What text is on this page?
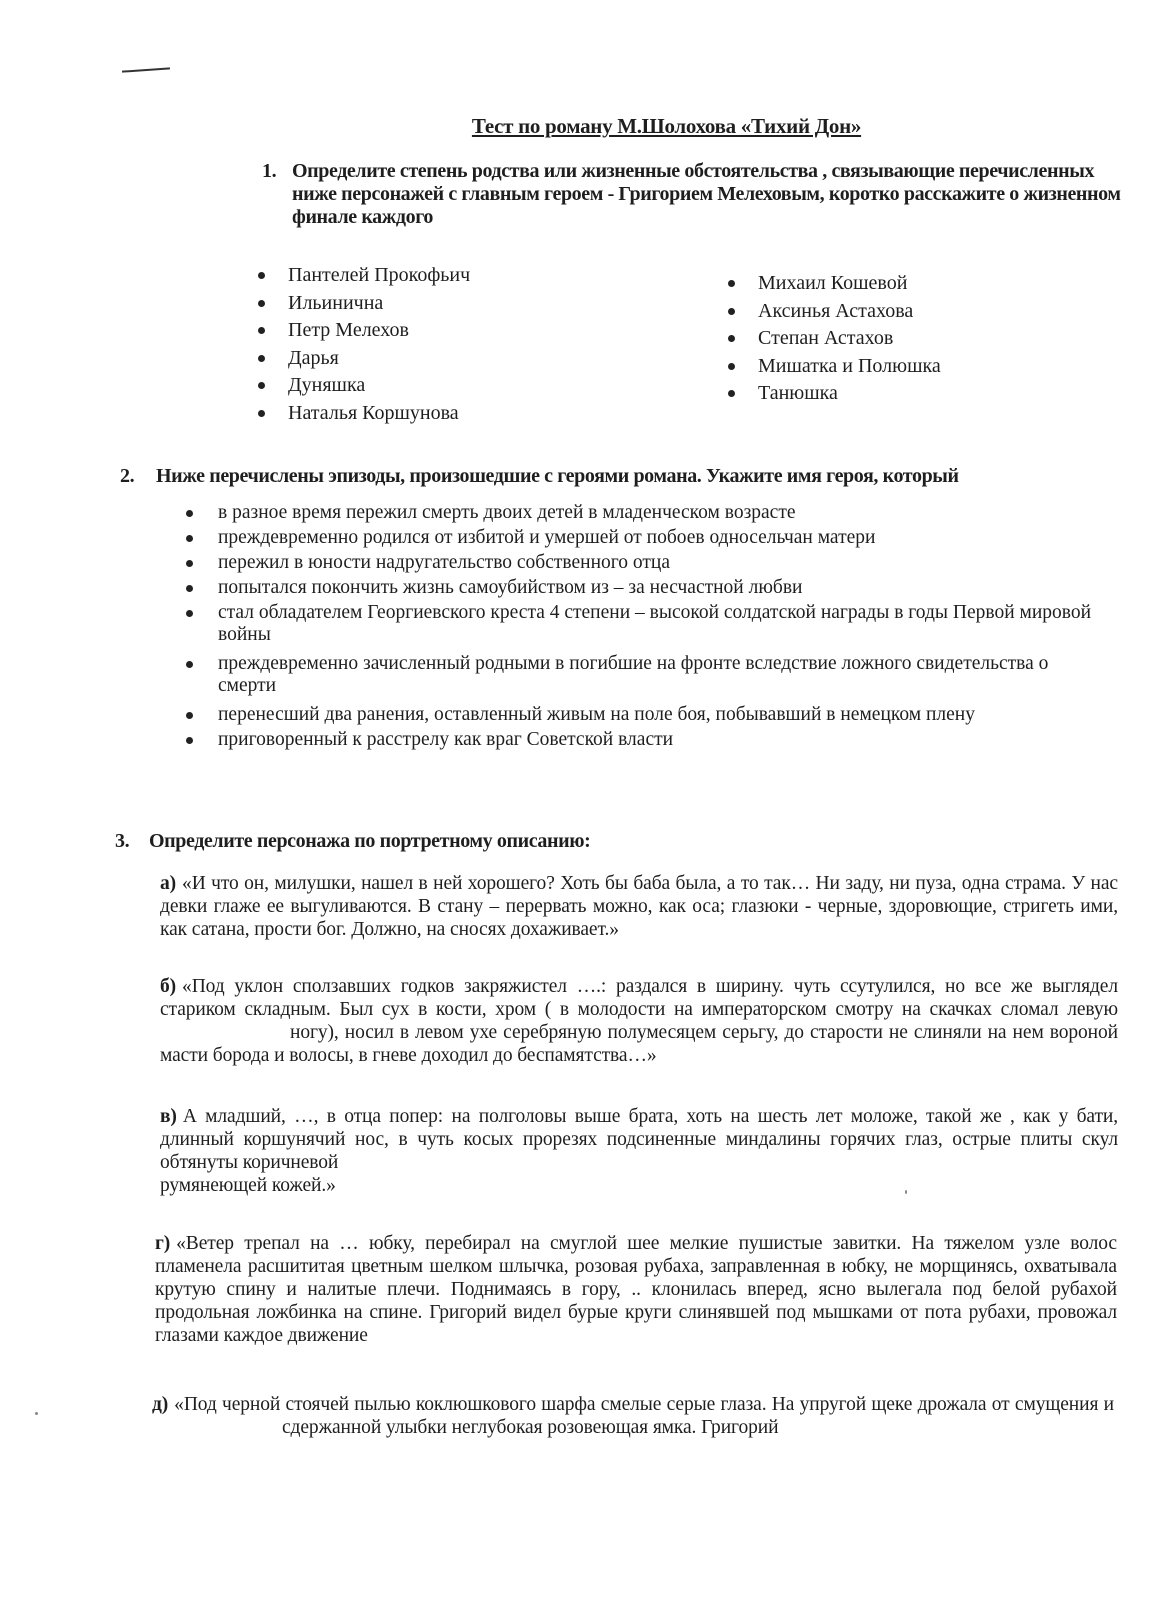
Тест по роману М.Шолохова «Тихий Дон»
1. Определите степень родства или жизненные обстоятельства , связывающие перечисленных ниже персонажей с главным героем - Григорием Мелеховым, коротко расскажите о жизненном финале каждого
Пантелей Прокофьич
Ильинична
Петр Мелехов
Дарья
Дуняшка
Наталья Коршунова
Михаил Кошевой
Аксинья Астахова
Степан Астахов
Мишатка и Полюшка
Танюшка
2.	Ниже перечислены эпизоды, произошедшие с героями романа. Укажите имя героя, который
в разное время пережил смерть двоих детей в младенческом возрасте
преждевременно родился от избитой и умершей от побоев односельчан матери
пережил в юности надругательство собственного отца
попытался покончить жизнь самоубийством из – за несчастной любви
стал обладателем Георгиевского креста 4 степени – высокой солдатской награды в годы Первой мировой войны
преждевременно зачисленный родными в погибшие на фронте вследствие ложного свидетельства о смерти
перенесший два ранения, оставленный живым на поле боя, побывавший в немецком плену
приговоренный к расстрелу как враг Советской власти
3. Определите персонажа по портретному описанию:
а) «И что он, милушки, нашел в ней хорошего? Хоть бы баба была, а то так… Ни заду, ни пуза, одна страма. У нас девки глаже ее выгуливаются. В стану – перервать можно, как оса; глазюки - черные, здоровющие, стригеть ими, как сатана, прости бог. Должно, на сносях дохаживает.»
б) «Под уклон сползавших годков закряжистел ….: раздался в ширину. чуть ссутулился, но все же выглядел стариком складным. Был сух в кости, хром ( в молодости на императорском смотру на скачках сломал левуюногу), носил в левом ухе серебряную полумесяцем серьгу, до старости не слиняли на нем вороной масти борода и волосы, в гневе доходил до беспамятства…»
в) А младший, …, в отца попер: на полголовы выше брата, хоть на шесть лет моложе, такой же , как у бати, длинный коршунячий нос, в чуть косых прорезях подсиненные миндалины горячих глаз, острые плиты скул обтянуты коричневой
румянеющей кожей.»
г) «Ветер трепал на … юбку, перебирал на смуглой шее мелкие пушистые завитки. На тяжелом узле волос пламенела расшититая цветным шелком шлычка, розовая рубаха, заправленная в юбку, не морщинясь, охватывала крутую спину и налитые плечи. Поднимаясь в гору, .. клонилась вперед, ясно вылегала под белой рубахой продольная ложбинка на спине. Григорий видел бурые круги слинявшей под мышками от пота рубахи, провожал глазами каждое движение
д) «Под черной стоячей пылью коклюшкового шарфа смелые серые глаза. На упругой щеке дрожала от смущения исдержанной улыбки неглубокая розовеющая ямка. Григорий
